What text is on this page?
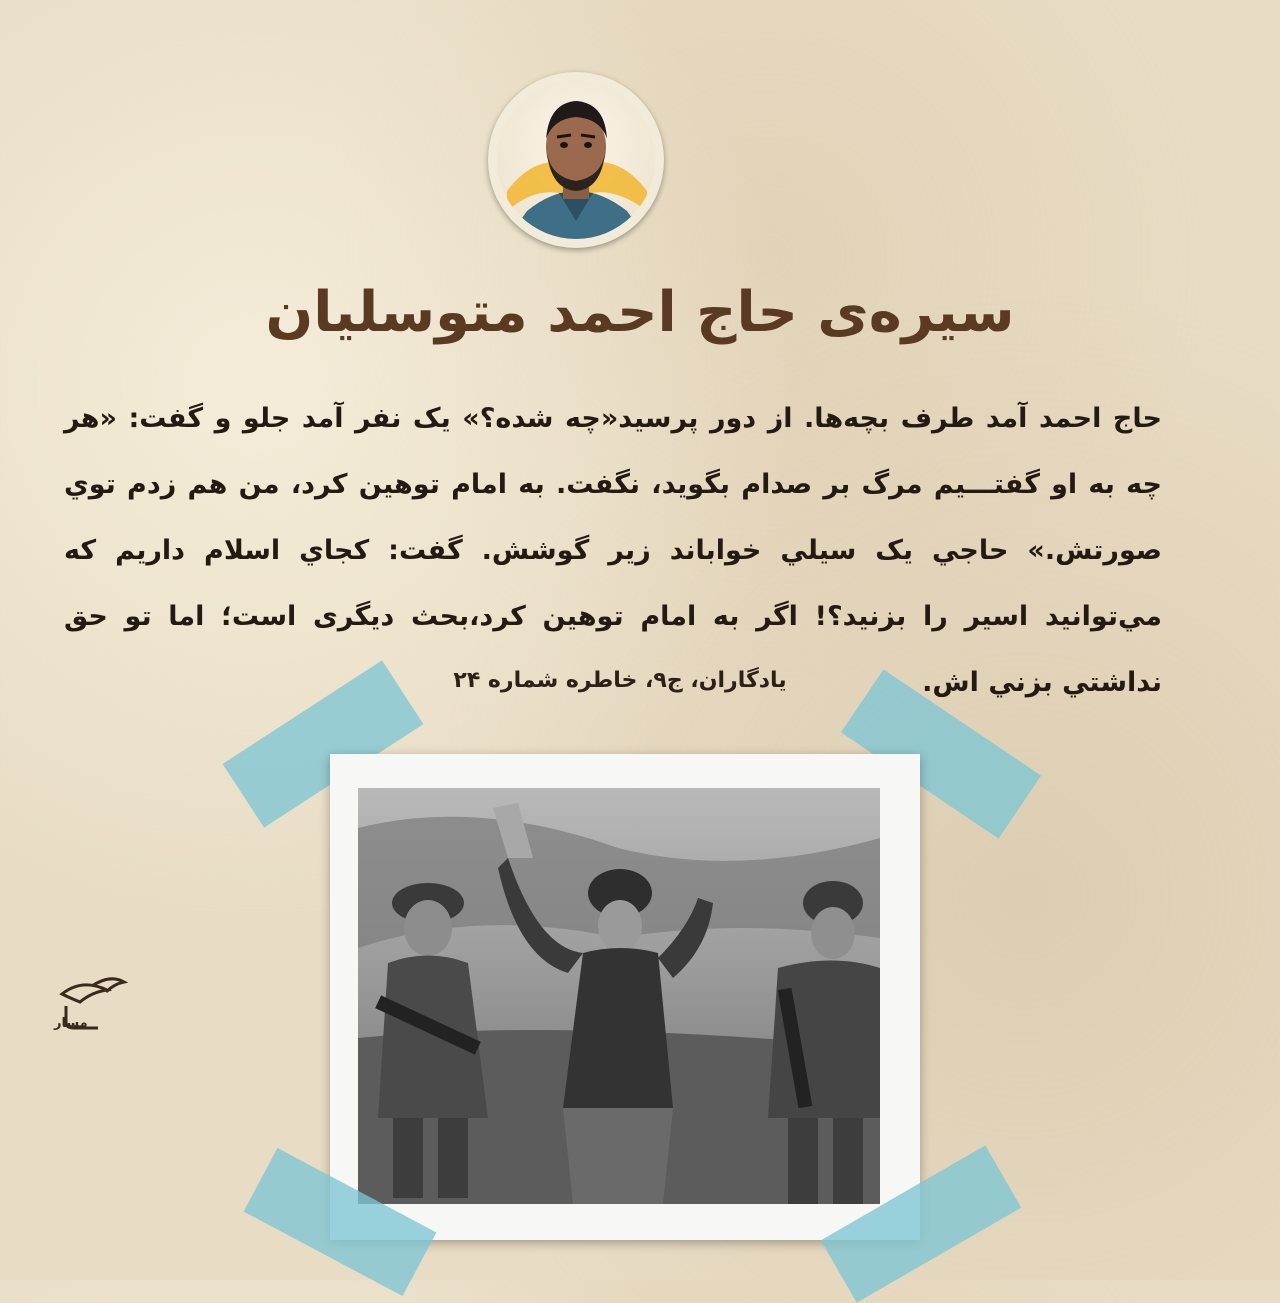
سیره‌ی حاج احمد متوسلیان
حاج احمد آمد طرف بچه‌ها. از دور پرسید«چه شده؟» یک نفر آمد جلو و گفت: «هر چه به او گفتـــیم مرگ بر صدام بگوید، نگفت. به امام توهین کرد، من هم زدم توي صورتش.» حاجي یک سیلي خواباند زیر گوشش. گفت: کجاي اسلام داریم که مي‌توانید اسیر را بزنید؟! اگر به امام توهین کرد،بحث دیگری است؛ اما تو حق نداشتي بزني اش.
یادگاران، ج۹، خاطره شماره ۲۴
مسار
